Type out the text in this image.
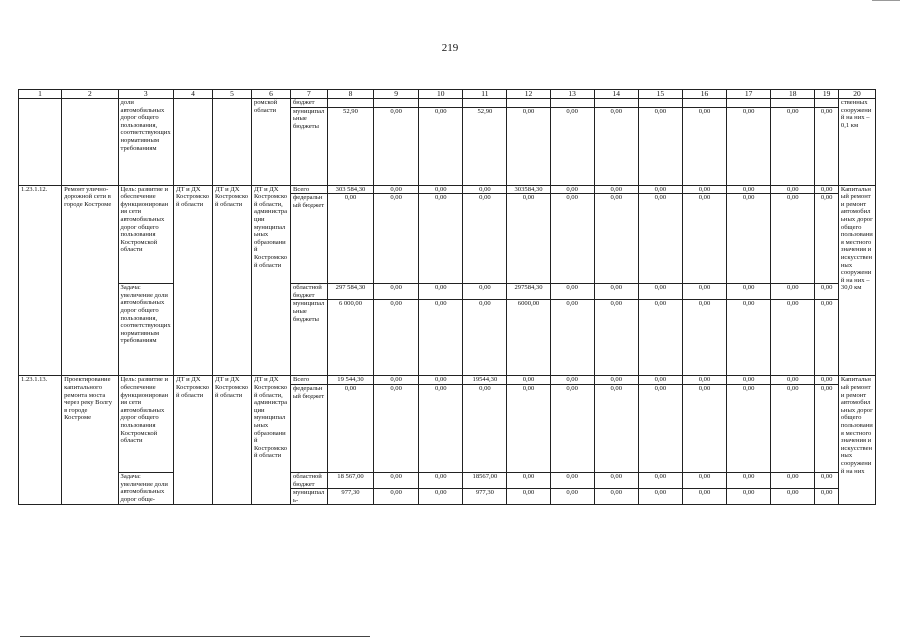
219
1	2	3	4	5	6	7	8	9	10	11	12	13	14	15	16	17	18	19	20
		доли автомобильных дорог общего пользования, соответствующих нормативным требованиям			ромской области	бюджет													ственных сооружений на них – 0,1 км
						муниципальные бюджеты	52,90	0,00	0,00	52,90	0,00	0,00	0,00	0,00	0,00	0,00	0,00	0,00	
1.23.1.12.	Ремонт улично-дорожной сети в городе Костроме	Цель: развитие и обеспечение функционирования сети автомобильных дорог общего пользования Костромской области	ДТ и ДХ Костромской области	ДТ и ДХ Костромской области	ДТ и ДХ Костромской области, администрации муниципальных образований Костромской области	Всего	303 584,30	0,00	0,00	0,00	303584,30	0,00	0,00	0,00	0,00	0,00	0,00	0,00	Капитальный ремонт и ремонт автомобильных дорог общего пользования местного значения и искусственных сооружений на них – 30,0 км
						федеральный бюджет	0,00	0,00	0,00	0,00	0,00	0,00	0,00	0,00	0,00	0,00	0,00	0,00	
		Задача: увеличение доли автомобильных дорог общего пользования, соответствующих нормативным требованиям				областной бюджет	297 584,30	0,00	0,00	0,00	297584,30	0,00	0,00	0,00	0,00	0,00	0,00	0,00	
						муниципальные бюджеты	6 000,00	0,00	0,00	0,00	6000,00	0,00	0,00	0,00	0,00	0,00	0,00	0,00	
1.23.1.13.	Проектирование капитального ремонта моста через реку Волгу в городе Костроме	Цель: развитие и обеспечение функционирования сети автомобильных дорог общего пользования Костромской области	ДТ и ДХ Костромской области	ДТ и ДХ Костромской области	ДТ и ДХ Костромской области, администрации муниципальных образований Костромской области	Всего	19 544,30	0,00	0,00	19544,30	0,00	0,00	0,00	0,00	0,00	0,00	0,00	0,00	Капитальный ремонт и ремонт автомобильных дорог общего пользования местного значения и искусственных сооружений на них
						федеральный бюджет	0,00	0,00	0,00	0,00	0,00	0,00	0,00	0,00	0,00	0,00	0,00	0,00	
		Задача: увеличение доли автомобильных дорог обще-				областной бюджет	18 567,00	0,00	0,00	18567,00	0,00	0,00	0,00	0,00	0,00	0,00	0,00	0,00	
						муниципаль-	977,30	0,00	0,00	977,30	0,00	0,00	0,00	0,00	0,00	0,00	0,00	0,00	
